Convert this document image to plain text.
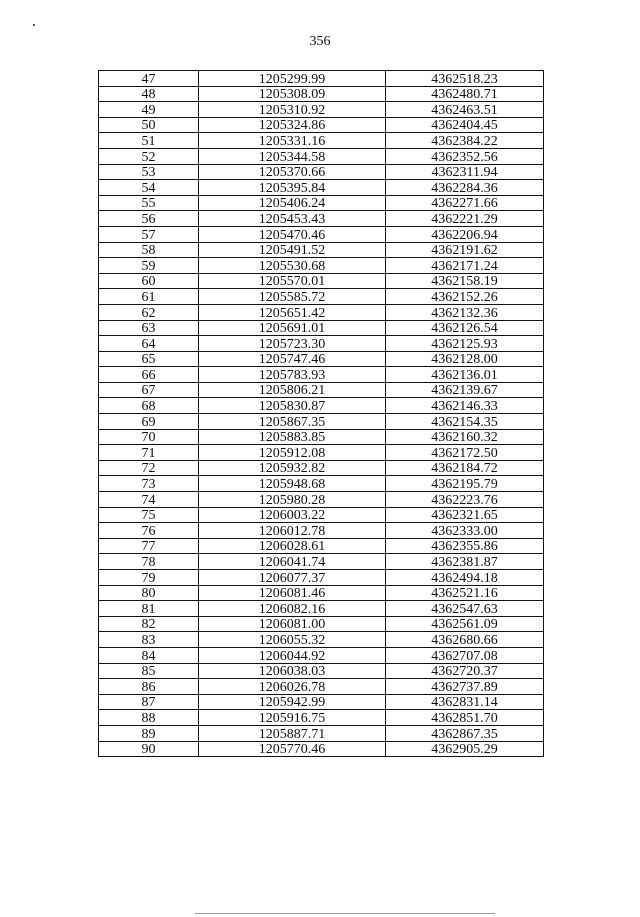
356
47	1205299.99	4362518.23
48	1205308.09	4362480.71
49	1205310.92	4362463.51
50	1205324.86	4362404.45
51	1205331.16	4362384.22
52	1205344.58	4362352.56
53	1205370.66	4362311.94
54	1205395.84	4362284.36
55	1205406.24	4362271.66
56	1205453.43	4362221.29
57	1205470.46	4362206.94
58	1205491.52	4362191.62
59	1205530.68	4362171.24
60	1205570.01	4362158.19
61	1205585.72	4362152.26
62	1205651.42	4362132.36
63	1205691.01	4362126.54
64	1205723.30	4362125.93
65	1205747.46	4362128.00
66	1205783.93	4362136.01
67	1205806.21	4362139.67
68	1205830.87	4362146.33
69	1205867.35	4362154.35
70	1205883.85	4362160.32
71	1205912.08	4362172.50
72	1205932.82	4362184.72
73	1205948.68	4362195.79
74	1205980.28	4362223.76
75	1206003.22	4362321.65
76	1206012.78	4362333.00
77	1206028.61	4362355.86
78	1206041.74	4362381.87
79	1206077.37	4362494.18
80	1206081.46	4362521.16
81	1206082.16	4362547.63
82	1206081.00	4362561.09
83	1206055.32	4362680.66
84	1206044.92	4362707.08
85	1206038.03	4362720.37
86	1206026.78	4362737.89
87	1205942.99	4362831.14
88	1205916.75	4362851.70
89	1205887.71	4362867.35
90	1205770.46	4362905.29
